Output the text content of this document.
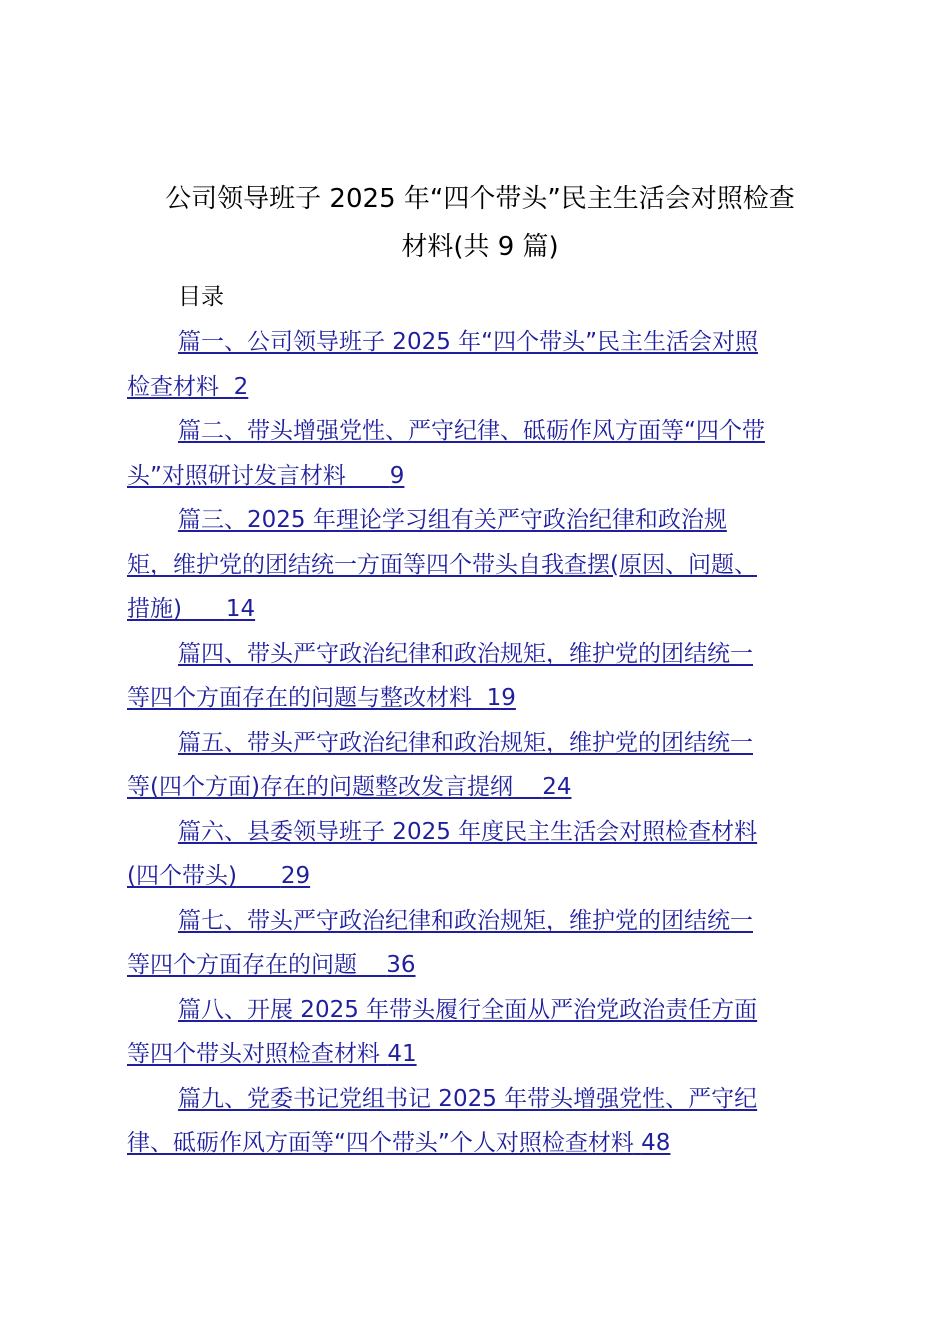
公司领导班子 2025 年“四个带头”民主生活会对照检查
材料(共 9 篇)
目录
篇一、公司领导班子 2025 年“四个带头”民主生活会对照
检查材料 2
篇二、带头增强党性、严守纪律、砥砺作风方面等“四个带
头”对照研讨发言材料 9
篇三、2025 年理论学习组有关严守政治纪律和政治规
矩，维护党的团结统一方面等四个带头自我查摆(原因、问题、
措施) 14
篇四、带头严守政治纪律和政治规矩，维护党的团结统一
等四个方面存在的问题与整改材料 19
篇五、带头严守政治纪律和政治规矩，维护党的团结统一
等(四个方面)存在的问题整改发言提纲 24
篇六、县委领导班子 2025 年度民主生活会对照检查材料
(四个带头) 29
篇七、带头严守政治纪律和政治规矩，维护党的团结统一
等四个方面存在的问题 36
篇八、开展 2025 年带头履行全面从严治党政治责任方面
等四个带头对照检查材料 41
篇九、党委书记党组书记 2025 年带头增强党性、严守纪
律、砥砺作风方面等“四个带头”个人对照检查材料 48
